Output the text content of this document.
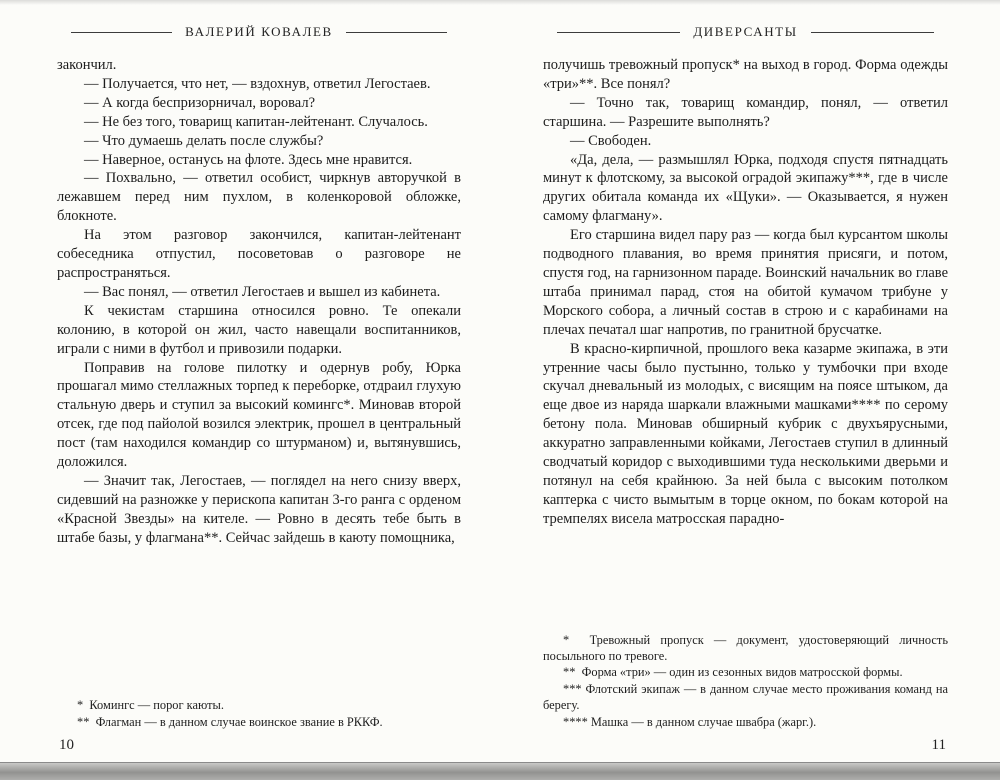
ВАЛЕРИЙ КОВАЛЕВ

закончил.

— Получается, что нет, — вздохнув, ответил Легостаев.

— А когда беспризорничал, воровал?

— Не без того, товарищ капитан-лейтенант. Случалось.

— Что думаешь делать после службы?

— Наверное, останусь на флоте. Здесь мне нравится.

— Похвально, — ответил особист, чиркнув авторучкой в лежавшем перед ним пухлом, в коленкоровой обложке, блокноте.

На этом разговор закончился, капитан-лейтенант собеседника отпустил, посоветовав о разговоре не распространяться.

— Вас понял, — ответил Легостаев и вышел из кабинета.

К чекистам старшина относился ровно. Те опекали колонию, в которой он жил, часто навещали воспитанников, играли с ними в футбол и привозили подарки.

Поправив на голове пилотку и одернув робу, Юрка прошагал мимо стеллажных торпед к переборке, отдраил глухую стальную дверь и ступил за высокий комингс*. Миновав второй отсек, где под пайолой возился электрик, прошел в центральный пост (там находился командир со штурманом) и, вытянувшись, доложился.

— Значит так, Легостаев, — поглядел на него снизу вверх, сидевший на разножке у перископа капитан 3-го ранга с орденом «Красной Звезды» на кителе. — Ровно в десять тебе быть в штабе базы, у флагмана**. Сейчас зайдешь в каюту помощника,

*  Комингс — порог каюты.

**  Флагман — в данном случае воинское звание в РККФ.

10
ДИВЕРСАНТЫ

получишь тревожный пропуск* на выход в город. Форма одежды «три»**. Все понял?

— Точно так, товарищ командир, понял, — ответил старшина. — Разрешите выполнять?

— Свободен.

«Да, дела, — размышлял Юрка, подходя спустя пятнадцать минут к флотскому, за высокой оградой экипажу***, где в числе других обитала команда их «Щуки». — Оказывается, я нужен самому флагману».

Его старшина видел пару раз — когда был курсантом школы подводного плавания, во время принятия присяги, и потом, спустя год, на гарнизонном параде. Воинский начальник во главе штаба принимал парад, стоя на обитой кумачом трибуне у Морского собора, а личный состав в строю и с карабинами на плечах печатал шаг напротив, по гранитной брусчатке.

В красно-кирпичной, прошлого века казарме экипажа, в эти утренние часы было пустынно, только у тумбочки при входе скучал дневальный из молодых, с висящим на поясе штыком, да еще двое из наряда шаркали влажными машками**** по серому бетону пола. Миновав обширный кубрик с двухъярусными, аккуратно заправленными койками, Легостаев ступил в длинный сводчатый коридор с выходившими туда несколькими дверьми и потянул на себя крайнюю. За ней была с высоким потолком каптерка с чисто вымытым в торце окном, по бокам которой на тремпелях висела матросская парадно-

*  Тревожный пропуск — документ, удостоверяющий личность посыльного по тревоге.

**  Форма «три» — один из сезонных видов матросской формы.

*** Флотский экипаж — в данном случае место проживания команд на берегу.

**** Машка — в данном случае швабра (жарг.).

11
